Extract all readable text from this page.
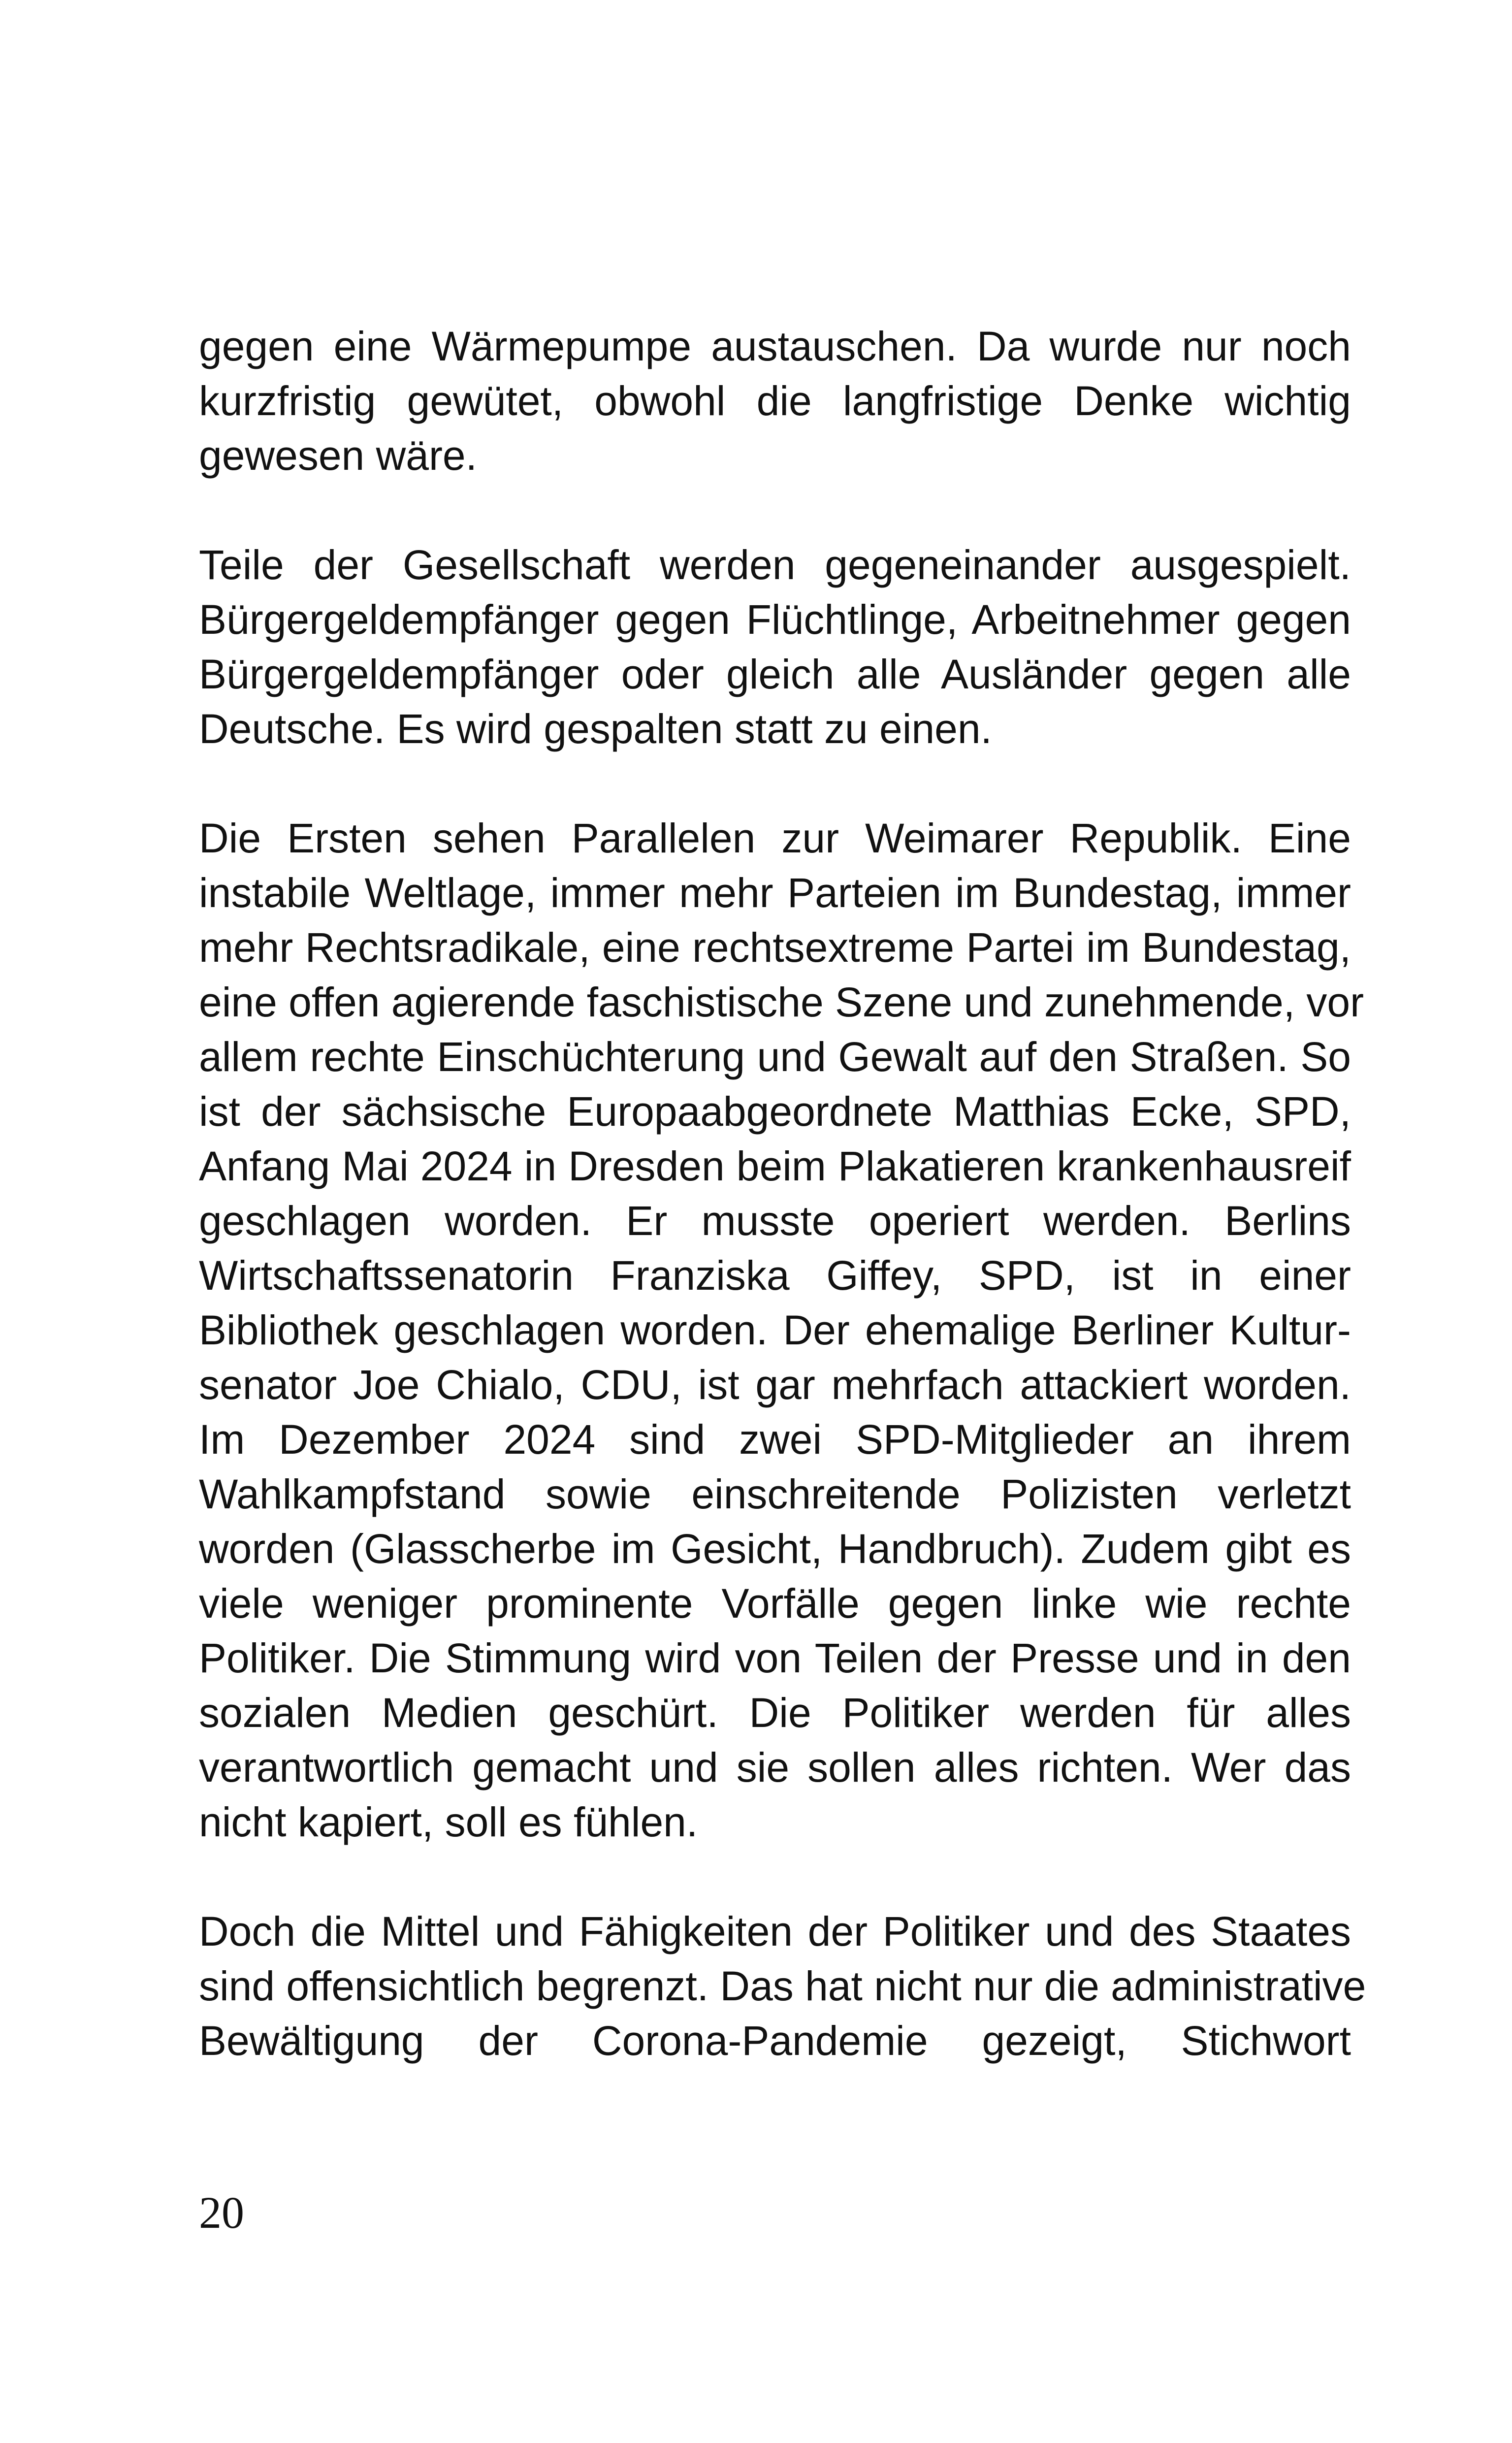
gegen eine Wärmepumpe austauschen. Da wurde nur noch
kurzfristig gewütet, obwohl die langfristige Denke wichtig
gewesen wäre.
Teile der Gesellschaft werden gegeneinander ausgespielt.
Bürgergeldempfänger gegen Flüchtlinge, Arbeitnehmer gegen
Bürgergeldempfänger oder gleich alle Ausländer gegen alle
Deutsche. Es wird gespalten statt zu einen.
Die Ersten sehen Parallelen zur Weimarer Republik. Eine
instabile Weltlage, immer mehr Parteien im Bundestag, immer
mehr Rechtsradikale, eine rechtsextreme Partei im Bundestag,
eine offen agierende faschistische Szene und zunehmende, vor
allem rechte Einschüchterung und Gewalt auf den Straßen. So
ist der sächsische Europaabgeordnete Matthias Ecke, SPD,
Anfang Mai 2024 in Dresden beim Plakatieren krankenhausreif
geschlagen worden. Er musste operiert werden. Berlins
Wirtschaftssenatorin Franziska Giffey, SPD, ist in einer
Bibliothek geschlagen worden. Der ehemalige Berliner Kultur-
senator Joe Chialo, CDU, ist gar mehrfach attackiert worden.
Im Dezember 2024 sind zwei SPD-Mitglieder an ihrem
Wahlkampfstand sowie einschreitende Polizisten verletzt
worden (Glasscherbe im Gesicht, Handbruch). Zudem gibt es
viele weniger prominente Vorfälle gegen linke wie rechte
Politiker. Die Stimmung wird von Teilen der Presse und in den
sozialen Medien geschürt. Die Politiker werden für alles
verantwortlich gemacht und sie sollen alles richten. Wer das
nicht kapiert, soll es fühlen.
Doch die Mittel und Fähigkeiten der Politiker und des Staates
sind offensichtlich begrenzt. Das hat nicht nur die administrative
Bewältigung der Corona-Pandemie gezeigt, Stichwort
20
